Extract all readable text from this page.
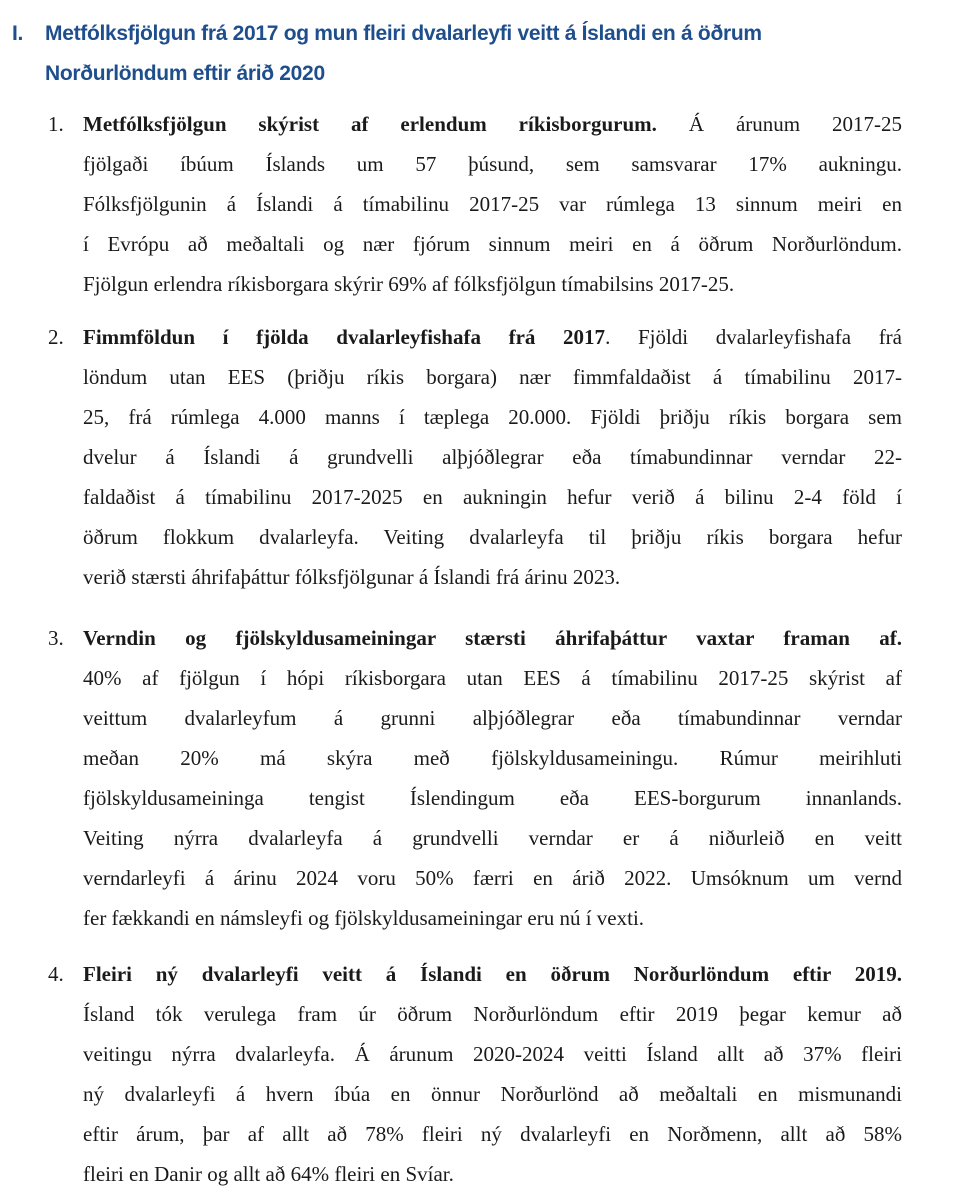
I. Metfólksfjölgun frá 2017 og mun fleiri dvalarleyfi veitt á Íslandi en á öðrum
Norðurlöndum eftir árið 2020
1. Metfólksfjölgun skýrist af erlendum ríkisborgurum. Á árunum 2017‑25
fjölgaði íbúum Íslands um 57 þúsund, sem samsvarar 17% aukningu.
Fólksfjölgunin á Íslandi á tímabilinu 2017-25 var rúmlega 13 sinnum meiri en
í Evrópu að meðaltali og nær fjórum sinnum meiri en á öðrum Norðurlöndum.
Fjölgun erlendra ríkisborgara skýrir 69% af fólksfjölgun tímabilsins 2017-25.
2. Fimmföldun í fjölda dvalarleyfishafa frá 2017. Fjöldi dvalarleyfishafa frá
löndum utan EES (þriðju ríkis borgara) nær fimmfaldaðist á tímabilinu 2017-
25, frá rúmlega 4.000 manns í tæplega 20.000. Fjöldi þriðju ríkis borgara sem
dvelur á Íslandi á grundvelli alþjóðlegrar eða tímabundinnar verndar 22-
faldaðist á tímabilinu 2017-2025 en aukningin hefur verið á bilinu 2-4 föld í
öðrum flokkum dvalarleyfa. Veiting dvalarleyfa til þriðju ríkis borgara hefur
verið stærsti áhrifaþáttur fólksfjölgunar á Íslandi frá árinu 2023.
3. Verndin og fjölskyldusameiningar stærsti áhrifaþáttur vaxtar framan af.
40% af fjölgun í hópi ríkisborgara utan EES á tímabilinu 2017-25 skýrist af
veittum dvalarleyfum á grunni alþjóðlegrar eða tímabundinnar verndar
meðan 20% má skýra með fjölskyldusameiningu. Rúmur meirihluti
fjölskyldusameininga tengist Íslendingum eða EES-borgurum innanlands.
Veiting nýrra dvalarleyfa á grundvelli verndar er á niðurleið en veitt
verndarleyfi á árinu 2024 voru 50% færri en árið 2022. Umsóknum um vernd
fer fækkandi en námsleyfi og fjölskyldusameiningar eru nú í vexti.
4. Fleiri ný dvalarleyfi veitt á Íslandi en öðrum Norðurlöndum eftir 2019.
Ísland tók verulega fram úr öðrum Norðurlöndum eftir 2019 þegar kemur að
veitingu nýrra dvalarleyfa. Á árunum 2020-2024 veitti Ísland allt að 37% fleiri
ný dvalarleyfi á hvern íbúa en önnur Norðurlönd að meðaltali en mismunandi
eftir árum, þar af allt að 78% fleiri ný dvalarleyfi en Norðmenn, allt að 58%
fleiri en Danir og allt að 64% fleiri en Svíar.
